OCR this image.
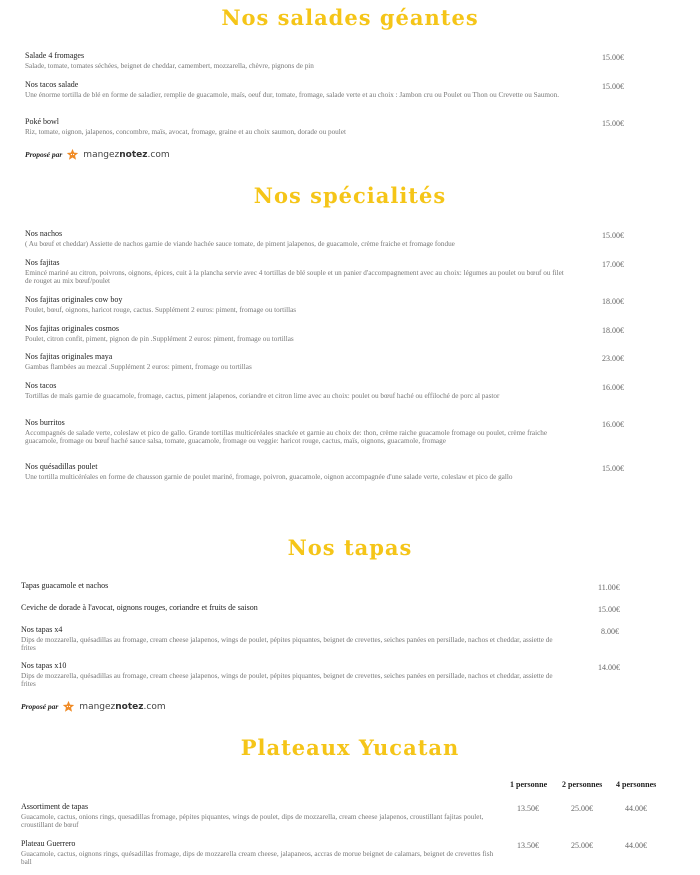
Nos salades géantes
Salade 4 fromages
Salade, tomate, tomates séchées, beignet de cheddar, camembert, mozzarella, chèvre, pignons de pin
15.00€
Nos tacos salade
Une énorme tortilla de blé en forme de saladier, remplie de guacamole, maïs, oeuf dur, tomate, fromage, salade verte et au choix : Jambon cru ou Poulet ou Thon ou Crevette ou Saumon.
15.00€
Poké bowl
Riz, tomate, oignon, jalapenos, concombre, maïs, avocat, fromage, graine et au choix saumon, dorade ou poulet
15.00€
Proposé par mangeznotez.com
Nos spécialités
Nos nachos
( Au bœuf et cheddar) Assiette de nachos garnie de viande hachée sauce tomate, de piment jalapenos, de guacamole, crème fraiche et fromage fondue
15.00€
Nos fajitas
Emincé mariné au citron, poivrons, oignons, épices, cuit à la plancha servie avec 4 tortillas de blé souple et un panier d'accompagnement avec au choix: légumes au poulet ou bœuf ou filet de rouget au mix bœuf/poulet
17.00€
Nos fajitas originales cow boy
Poulet, bœuf, oignons, haricot rouge, cactus. Supplément 2 euros: piment, fromage ou tortillas
18.00€
Nos fajitas originales cosmos
Poulet, citron confit, piment, pignon de pin .Supplément 2 euros: piment, fromage ou tortillas
18.00€
Nos fajitas originales maya
Gambas flambées au mezcal .Supplément 2 euros: piment, fromage ou tortillas
23.00€
Nos tacos
Tortillas de maïs garnie de guacamole, fromage, cactus, piment jalapenos, coriandre et citron lime avec au choix: poulet ou bœuf haché ou effiloché de porc al pastor
16.00€
Nos burritos
Accompagnés de salade verte, coleslaw et pico de gallo. Grande tortillas multicéréales snackée et garnie au choix de: thon, crème raiche guacamole fromage ou poulet, crème fraiche guacamole, fromage ou bœuf haché sauce salsa, tomate, guacamole, fromage ou veggie: haricot rouge, cactus, maïs, oignons, guacamole, fromage
16.00€
Nos quésadillas poulet
Une tortilla multicéréales en forme de chausson garnie de poulet mariné, fromage, poivron, guacamole, oignon accompagnée d'une salade verte, coleslaw et pico de gallo
15.00€
Nos tapas
Tapas guacamole et nachos	11.00€
Ceviche de dorade à l'avocat, oignons rouges, coriandre et fruits de saison	15.00€
Nos tapas x4
Dips de mozzarella, quésadillas au fromage, cream cheese jalapenos, wings de poulet, pépites piquantes, beignet de crevettes, seiches panées en persillade, nachos et cheddar, assiette de frites
8.00€
Nos tapas x10
Dips de mozzarella, quésadillas au fromage, cream cheese jalapenos, wings de poulet, pépites piquantes, beignet de crevettes, seiches panées en persillade, nachos et cheddar, assiette de frites
14.00€
Proposé par mangeznotez.com
Plateaux Yucatan
1 personne 2 personnes 4 personnes
Assortiment de tapas
Guacamole, cactus, onions rings, quesadillas fromage, pépites piquantes, wings de poulet, dips de mozzarella, cream cheese jalapenos, croustillant fajitas poulet, croustillant de bœuf
13.50€	25.00€	44.00€
Plateau Guerrero
Guacamole, cactus, oignons rings, quésadillas fromage, dips de mozzarella cream cheese, jalapaneos, accras de morue beignet de calamars, beignet de crevettes fish ball
13.50€	25.00€	44.00€
